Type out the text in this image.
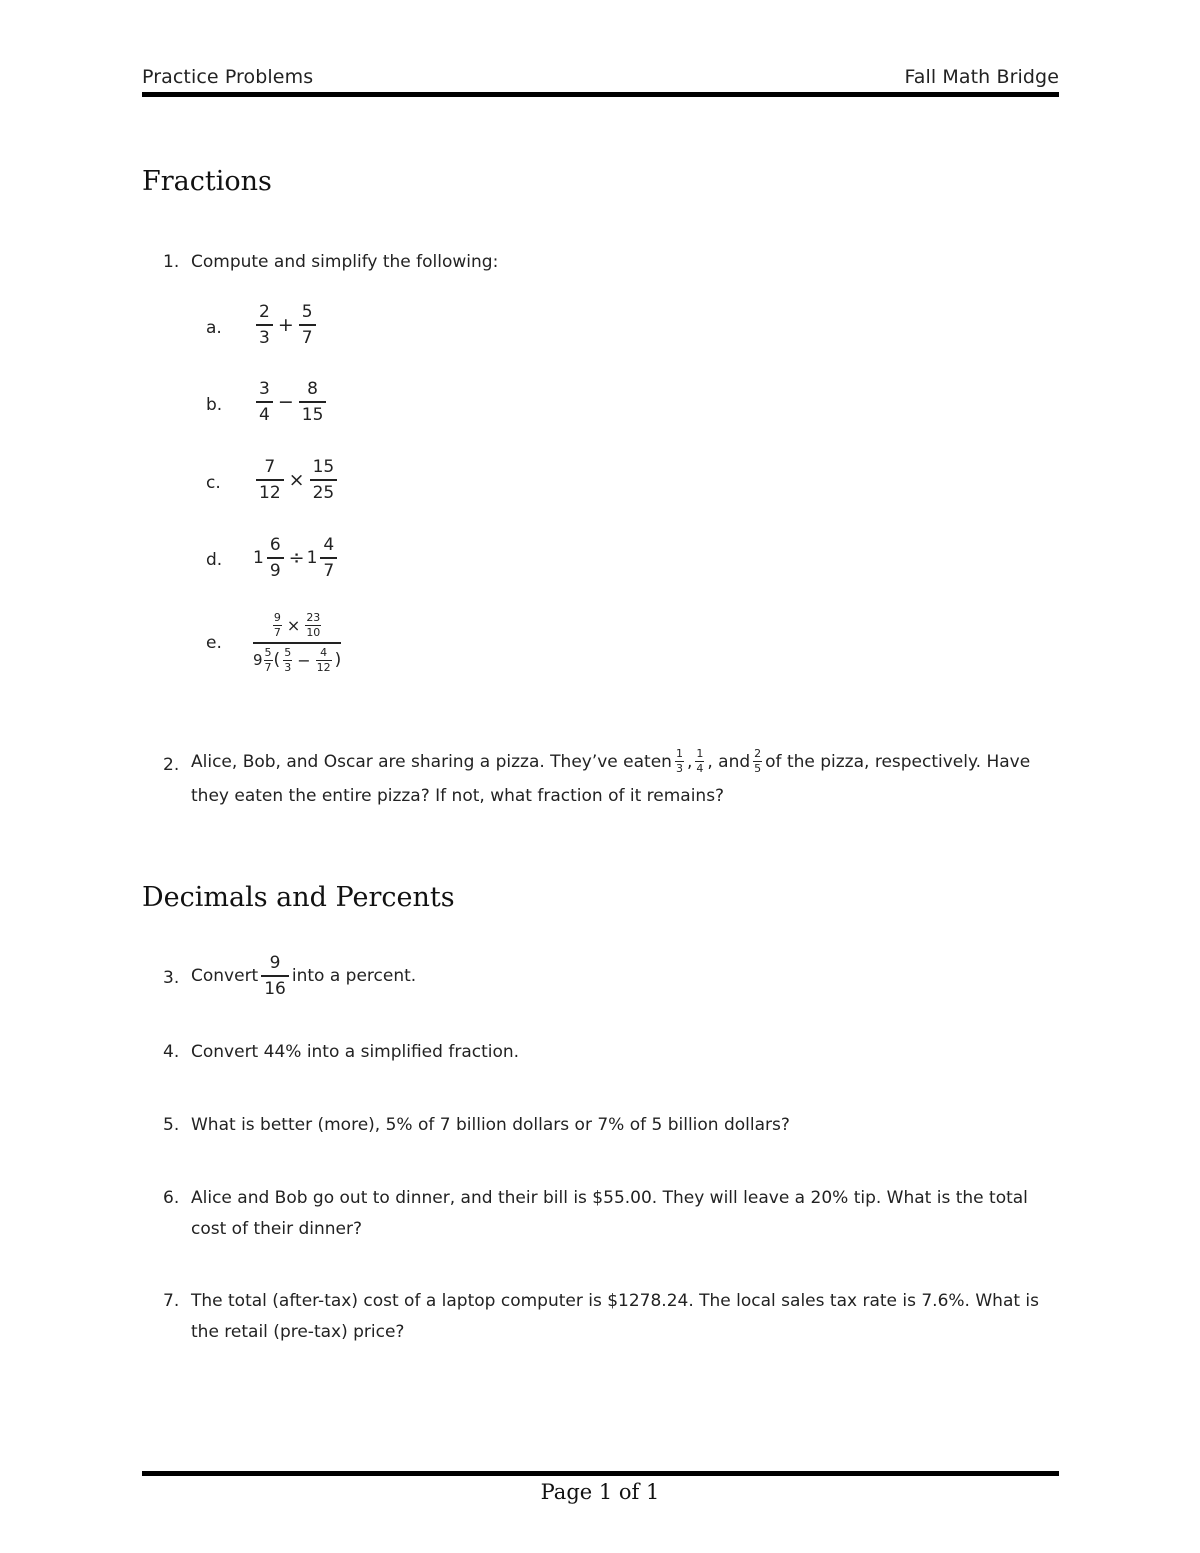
Practice Problems	Fall Math Bridge
Fractions
1. Compute and simplify the following:
a. $\frac{2}{3} + \frac{5}{7}$
b. $\frac{3}{4} - \frac{8}{15}$
c. $\frac{7}{12} \times \frac{15}{25}$
d. $1 \frac{6}{9} \div 1 \frac{4}{7}$
e.
$\frac{9}{7} \times \frac{23}{10}$
$9 \frac{5}{7}$ ( $\frac{5}{3} - \frac{4}{12}$ )
2. Alice, Bob, and Oscar are sharing a pizza. They’ve eaten $\frac{1}{3}$ , $\frac{1}{4}$ , and $\frac{2}{5}$ of the pizza, respectively. Have
they eaten the entire pizza? If not, what fraction of it remains?
Decimals and Percents
3. Convert $\frac{9}{16}$ into a percent.
4. Convert 44% into a simplified fraction.
5. What is better (more), 5% of 7 billion dollars or 7% of 5 billion dollars?
6. Alice and Bob go out to dinner, and their bill is $55.00. They will leave a 20% tip. What is the total
cost of their dinner?
7. The total (after-tax) cost of a laptop computer is $1278.24. The local sales tax rate is 7.6%. What is
the retail (pre-tax) price?
Page 1 of 1
